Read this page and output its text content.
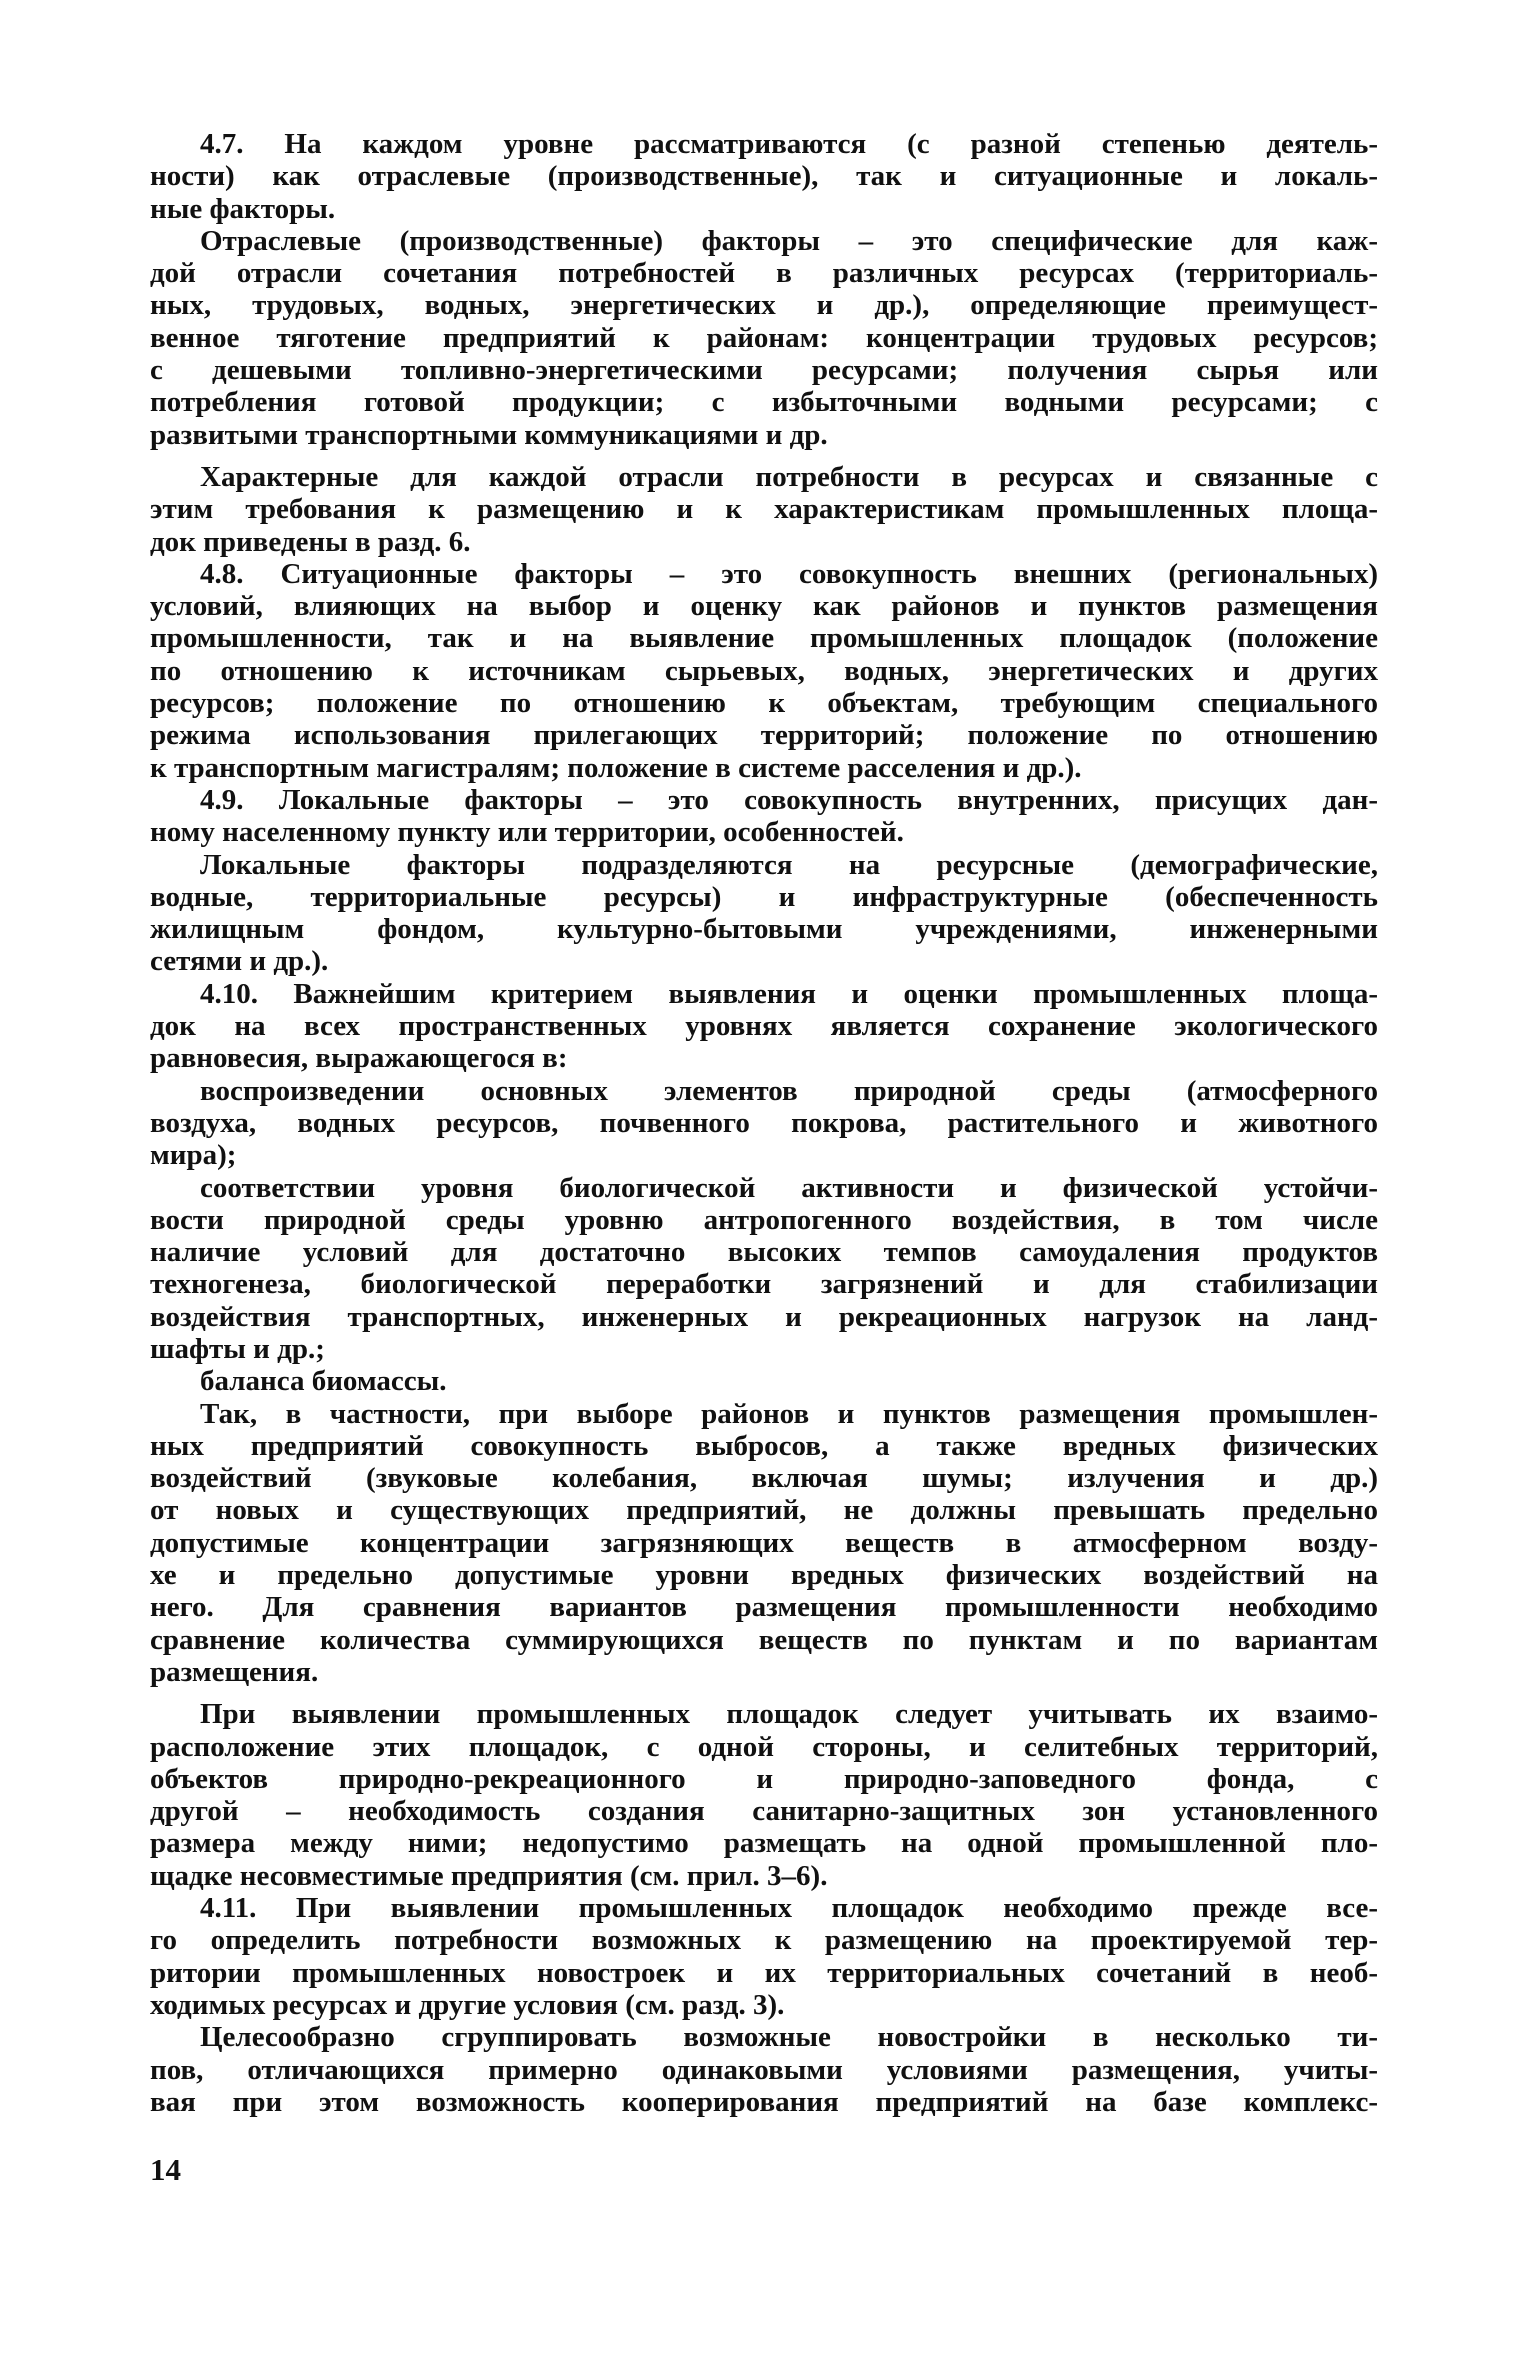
4.7. На каждом уровне рассматриваются (с разной степенью деятель-
ности) как отраслевые (производственные), так и ситуационные и локаль-
ные факторы.
Отраслевые (производственные) факторы – это специфические для каж-
дой отрасли сочетания потребностей в различных ресурсах (территориаль-
ных, трудовых, водных, энергетических и др.), определяющие преимущест-
венное тяготение предприятий к районам: концентрации трудовых ресурсов;
с дешевыми топливно-энергетическими ресурсами; получения сырья или
потребления готовой продукции; с избыточными водными ресурсами; с
развитыми транспортными коммуникациями и др.
Характерные для каждой отрасли потребности в ресурсах и связанные с
этим требования к размещению и к характеристикам промышленных площа-
док приведены в разд. 6.
4.8. Ситуационные факторы – это совокупность внешних (региональных)
условий, влияющих на выбор и оценку как районов и пунктов размещения
промышленности, так и на выявление промышленных площадок (положение
по отношению к источникам сырьевых, водных, энергетических и других
ресурсов; положение по отношению к объектам, требующим специального
режима использования прилегающих территорий; положение по отношению
к транспортным магистралям; положение в системе расселения и др.).
4.9. Локальные факторы – это совокупность внутренних, присущих дан-
ному населенному пункту или территории, особенностей.
Локальные факторы подразделяются на ресурсные (демографические,
водные, территориальные ресурсы) и инфраструктурные (обеспеченность
жилищным фондом, культурно-бытовыми учреждениями, инженерными
сетями и др.).
4.10. Важнейшим критерием выявления и оценки промышленных площа-
док на всех пространственных уровнях является сохранение экологического
равновесия, выражающегося в:
воспроизведении основных элементов природной среды (атмосферного
воздуха, водных ресурсов, почвенного покрова, растительного и животного
мира);
соответствии уровня биологической активности и физической устойчи-
вости природной среды уровню антропогенного воздействия, в том числе
наличие условий для достаточно высоких темпов самоудаления продуктов
техногенеза, биологической переработки загрязнений и для стабилизации
воздействия транспортных, инженерных и рекреационных нагрузок на ланд-
шафты и др.;
баланса биомассы.
Так, в частности, при выборе районов и пунктов размещения промышлен-
ных предприятий совокупность выбросов, а также вредных физических
воздействий (звуковые колебания, включая шумы; излучения и др.)
от новых и существующих предприятий, не должны превышать предельно
допустимые концентрации загрязняющих веществ в атмосферном возду-
хе и предельно допустимые уровни вредных физических воздействий на
него. Для сравнения вариантов размещения промышленности необходимо
сравнение количества суммирующихся веществ по пунктам и по вариантам
размещения.
При выявлении промышленных площадок следует учитывать их взаимо-
расположение этих площадок, с одной стороны, и селитебных территорий,
объектов природно-рекреационного и природно-заповедного фонда, с
другой – необходимость создания санитарно-защитных зон установленного
размера между ними; недопустимо размещать на одной промышленной пло-
щадке несовместимые предприятия (см. прил. 3–6).
4.11. При выявлении промышленных площадок необходимо прежде все-
го определить потребности возможных к размещению на проектируемой тер-
ритории промышленных новостроек и их территориальных сочетаний в необ-
ходимых ресурсах и другие условия (см. разд. 3).
Целесообразно сгруппировать возможные новостройки в несколько ти-
пов, отличающихся примерно одинаковыми условиями размещения, учиты-
вая при этом возможность кооперирования предприятий на базе комплекс-
14
